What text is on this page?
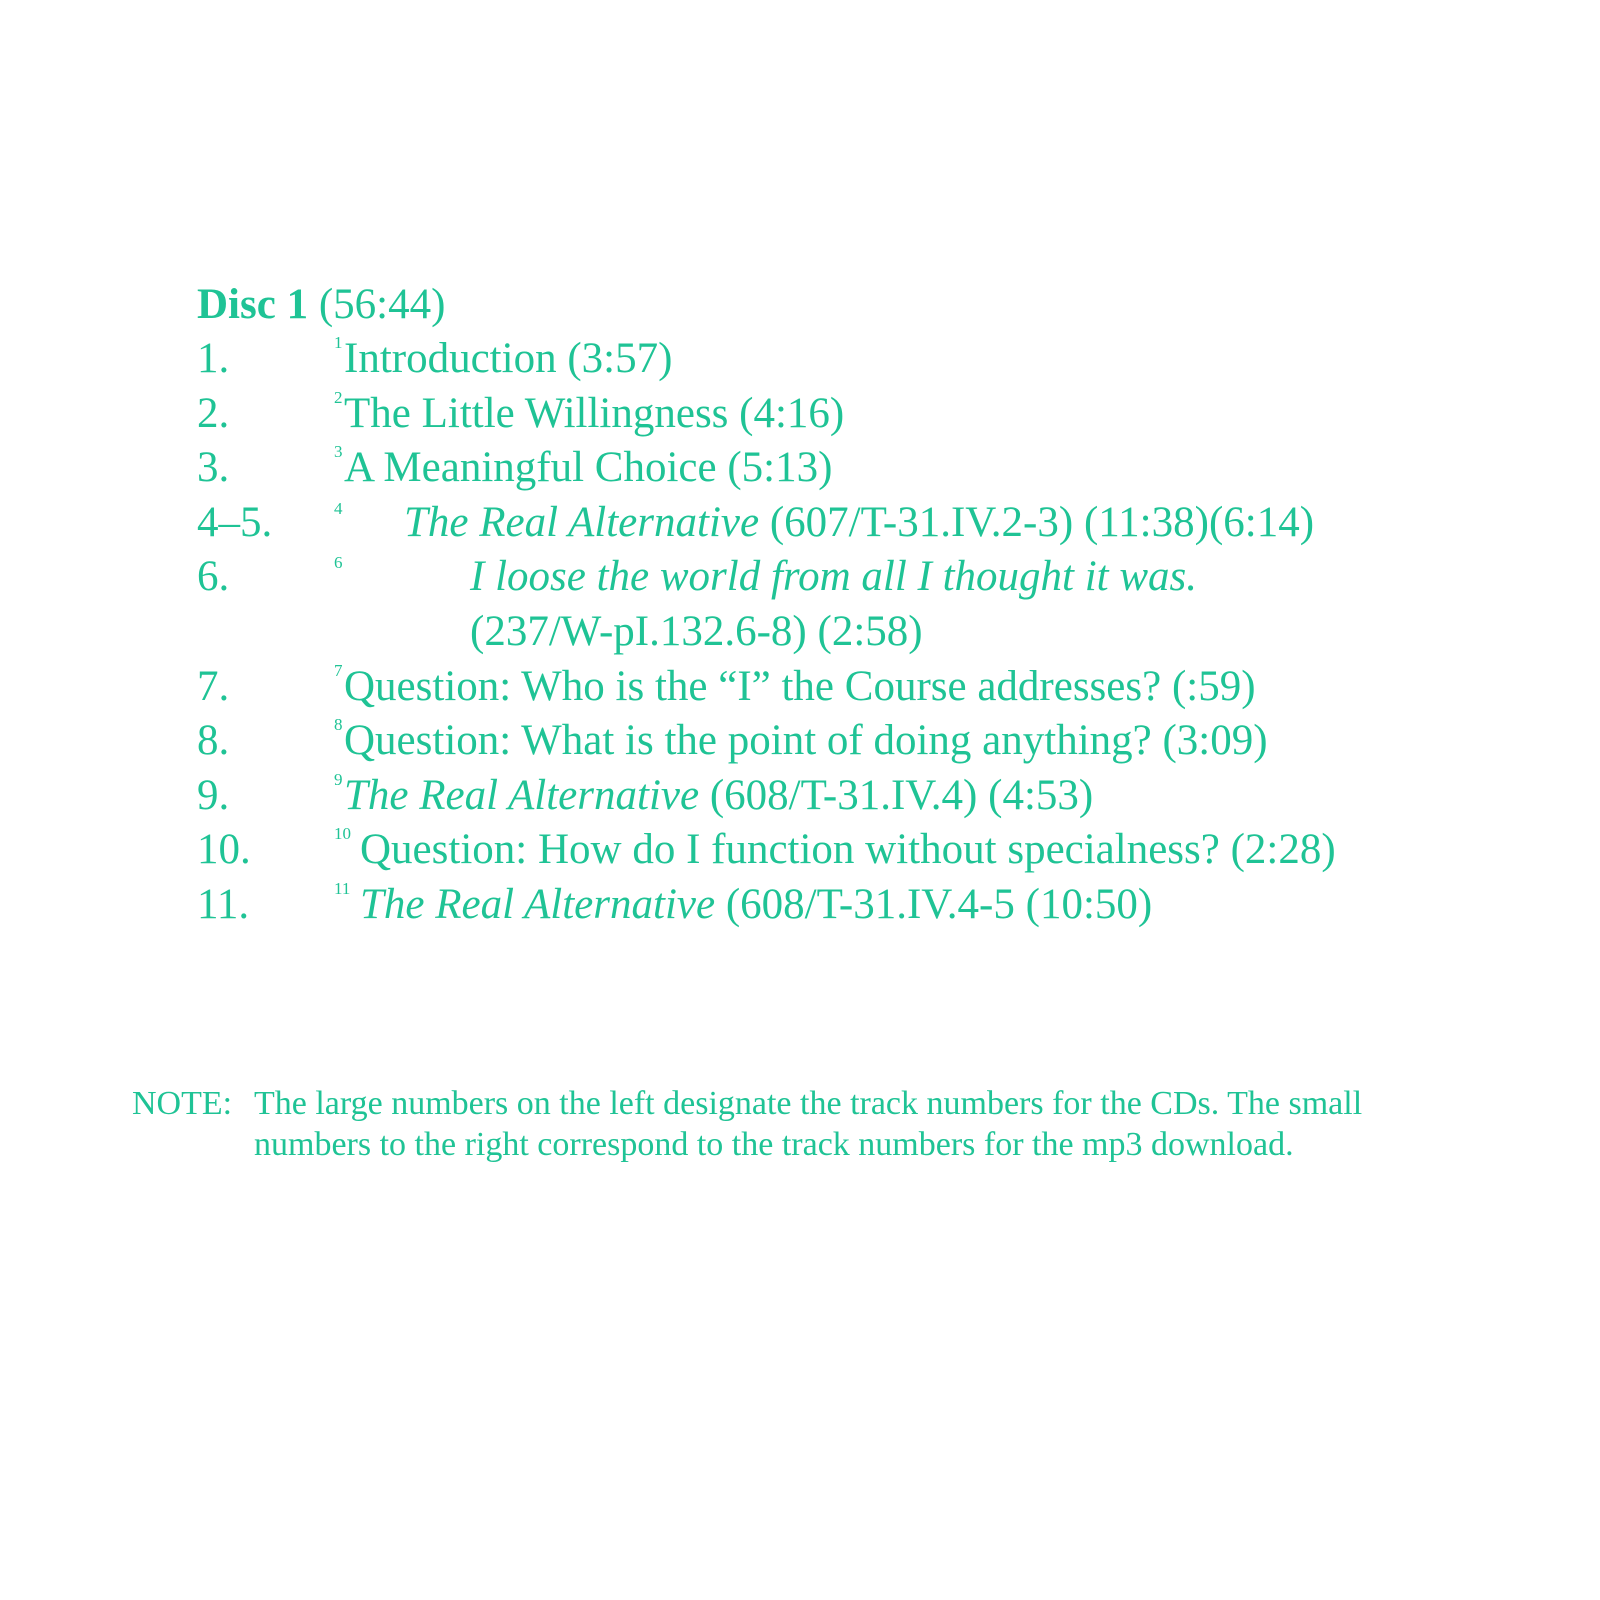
Disc 1 (56:44)
1.	1 Introduction (3:57)
2.	2 The Little Willingness (4:16)
3.	3 A Meaningful Choice (5:13)
4–5.	4 The Real Alternative (607/T-31.IV.2-3) (11:38)(6:14)
6.	6	I loose the world from all I thought it was.
(237/W-pI.132.6-8) (2:58)
7.	7 Question: Who is the “I” the Course addresses? (:59)
8.	8 Question: What is the point of doing anything? (3:09)
9.	9 The Real Alternative (608/T-31.IV.4) (4:53)
10.	10 Question: How do I function without specialness? (2:28)
11.	11 The Real Alternative (608/T-31.IV.4-5 (10:50)
NOTE: The large numbers on the left designate the track numbers for the CDs. The small
numbers to the right correspond to the track numbers for the mp3 download.
